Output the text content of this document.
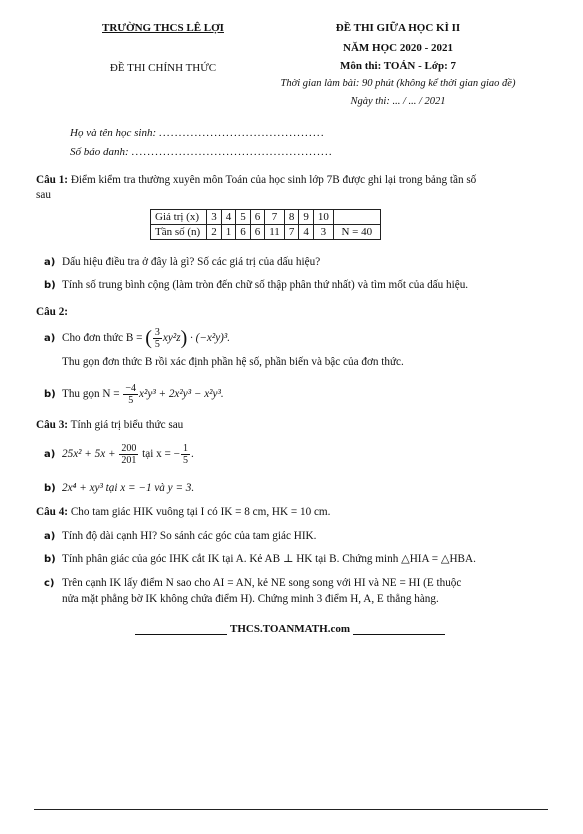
TRƯỜNG THCS LÊ LỢI
ĐỀ THI CHÍNH THỨC
ĐỀ THI GIỮA HỌC KÌ II
NĂM HỌC 2020 - 2021
Môn thi: TOÁN - Lớp: 7
Thời gian làm bài: 90 phút (không kể thời gian giao đề)
Ngày thi: ... / ... / 2021
Họ và tên học sinh: ..........................................
Số báo danh: ...................................................
Câu 1: Điểm kiểm tra thường xuyên môn Toán của học sinh lớp 7B được ghi lại trong bảng tần số
sau
Giá trị (x)	3	4	5	6	7	8	9	10	
Tần số (n)	2	1	6	6	11	7	4	3	N = 40
a) Dấu hiệu điều tra ở đây là gì? Số các giá trị của dấu hiệu?
b) Tính số trung bình cộng (làm tròn đến chữ số thập phân thứ nhất) và tìm mốt của dấu hiệu.
Câu 2:
a) Cho đơn thức B = ( $\frac{3}{5} xy^2z) \cdot (-x^2y)^3$.
Thu gọn đơn thức B rồi xác định phần hệ số, phần biến và bậc của đơn thức.
b) Thu gọn $N = \frac{-4}{5} x^2y^3 + 2x^2y^3 - x^2y^3$.
Câu 3: Tính giá trị biểu thức sau
a) $25x^2 + 5x + \frac{200}{201}$ tại x = − $\frac{1}{5}$ .
b) 2x⁴ + xy³ tại x = −1 và y = 3.
Câu 4: Cho tam giác HIK vuông tại I có IK = 8 cm, HK = 10 cm.
a) Tính độ dài cạnh HI? So sánh các góc của tam giác HIK.
b) Tính phân giác của góc IHK cắt IK tại A. Kẻ AB ⊥ HK tại B. Chứng minh △HIA = △HBA.
c) Trên cạnh IK lấy điểm N sao cho AI = AN, kẻ NE song song với HI và NE = HI (E thuộc
nửa mặt phẳng bờ IK không chứa điểm H). Chứng minh 3 điểm H, A, E thẳng hàng.
THCS.TOANMATH.com
